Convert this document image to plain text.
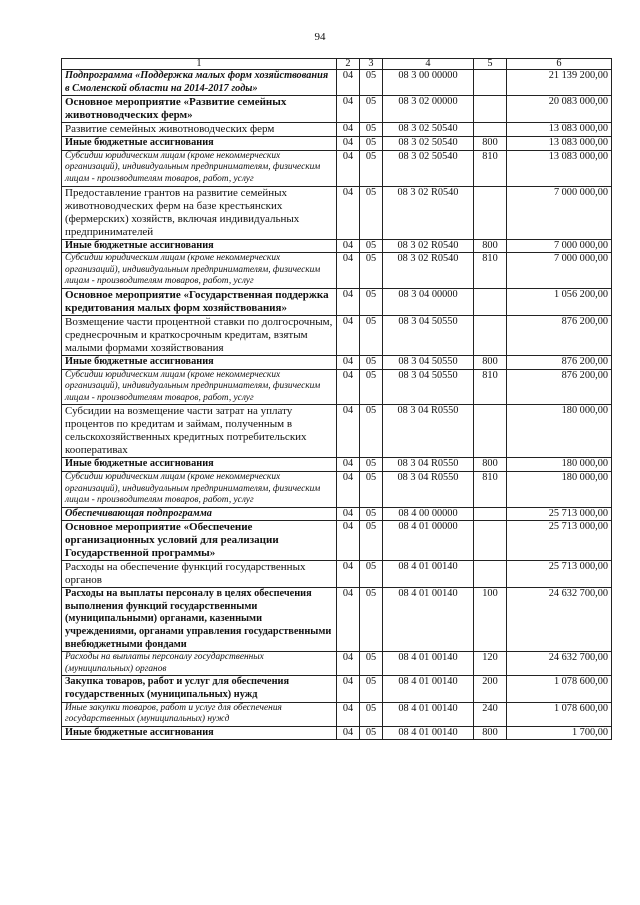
94
1	2	3	4	5	6
Подпрограмма «Поддержка малых форм хозяйствования в Смоленской области на 2014-2017 годы»	04	05	08 3 00 00000		21 139 200,00
Основное мероприятие «Развитие семейных животноводческих ферм»	04	05	08 3 02 00000		20 083 000,00
Развитие семейных животноводческих ферм	04	05	08 3 02 50540		13 083 000,00
Иные бюджетные ассигнования	04	05	08 3 02 50540	800	13 083 000,00
Субсидии юридическим лицам (кроме некоммерческих организаций), индивидуальным предпринимателям, физическим лицам - производителям товаров, работ, услуг	04	05	08 3 02 50540	810	13 083 000,00
Предоставление грантов на развитие семейных животноводческих ферм на базе крестьянских (фермерских) хозяйств, включая индивидуальных предпринимателей	04	05	08 3 02 R0540		7 000 000,00
Иные бюджетные ассигнования	04	05	08 3 02 R0540	800	7 000 000,00
Субсидии юридическим лицам (кроме некоммерческих организаций), индивидуальным предпринимателям, физическим лицам - производителям товаров, работ, услуг	04	05	08 3 02 R0540	810	7 000 000,00
Основное мероприятие «Государственная поддержка кредитования малых форм хозяйствования»	04	05	08 3 04 00000		1 056 200,00
Возмещение части процентной ставки по долгосрочным, среднесрочным и краткосрочным кредитам, взятым малыми формами хозяйствования	04	05	08 3 04 50550		876 200,00
Иные бюджетные ассигнования	04	05	08 3 04 50550	800	876 200,00
Субсидии юридическим лицам (кроме некоммерческих организаций), индивидуальным предпринимателям, физическим лицам - производителям товаров, работ, услуг	04	05	08 3 04 50550	810	876 200,00
Субсидии на возмещение части затрат на уплату процентов по кредитам и займам, полученным в сельскохозяйственных кредитных потребительских кооперативах	04	05	08 3 04 R0550		180 000,00
Иные бюджетные ассигнования	04	05	08 3 04 R0550	800	180 000,00
Субсидии юридическим лицам (кроме некоммерческих организаций), индивидуальным предпринимателям, физическим лицам - производителям товаров, работ, услуг	04	05	08 3 04 R0550	810	180 000,00
Обеспечивающая подпрограмма	04	05	08 4 00 00000		25 713 000,00
Основное мероприятие «Обеспечение организационных условий для реализации Государственной программы»	04	05	08 4 01 00000		25 713 000,00
Расходы на обеспечение функций государственных органов	04	05	08 4 01 00140		25 713 000,00
Расходы на выплаты персоналу в целях обеспечения выполнения функций государственными (муниципальными) органами, казенными учреждениями, органами управления государственными внебюджетными фондами	04	05	08 4 01 00140	100	24 632 700,00
Расходы на выплаты персоналу государственных (муниципальных) органов	04	05	08 4 01 00140	120	24 632 700,00
Закупка товаров, работ и услуг для обеспечения государственных (муниципальных) нужд	04	05	08 4 01 00140	200	1 078 600,00
Иные закупки товаров, работ и услуг для обеспечения государственных (муниципальных) нужд	04	05	08 4 01 00140	240	1 078 600,00
Иные бюджетные ассигнования	04	05	08 4 01 00140	800	1 700,00
